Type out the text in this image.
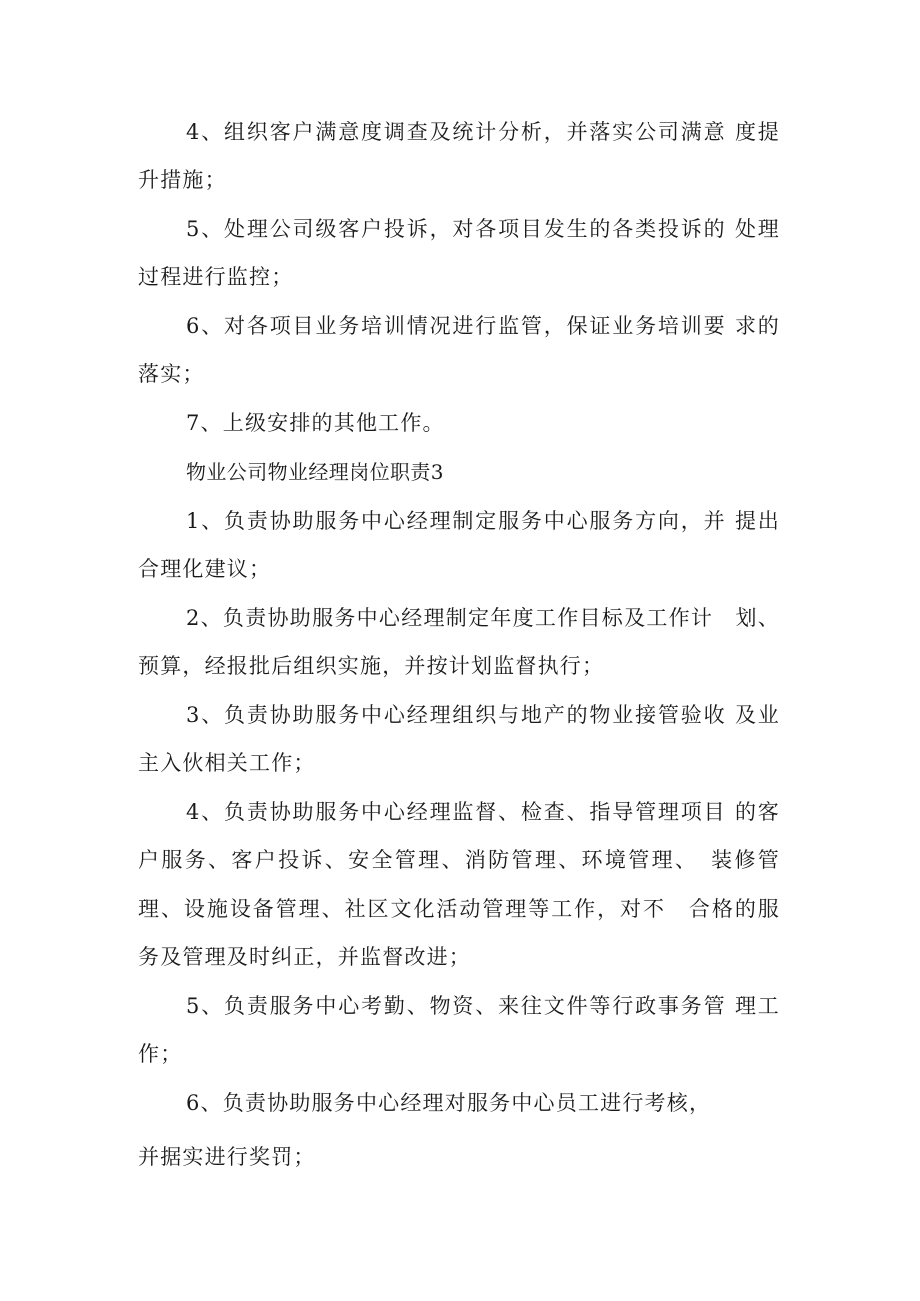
4、组织客户满意度调查及统计分析，并落实公司满意 度提
升措施；
5、处理公司级客户投诉，对各项目发生的各类投诉的 处理
过程进行监控；
6、对各项目业务培训情况进行监管，保证业务培训要 求的
落实；
7、上级安排的其他工作。
物业公司物业经理岗位职责3
1、负责协助服务中心经理制定服务中心服务方向，并 提出
合理化建议；
2、负责协助服务中心经理制定年度工作目标及工作计　划、
预算，经报批后组织实施，并按计划监督执行；
3、负责协助服务中心经理组织与地产的物业接管验收 及业
主入伙相关工作；
4、负责协助服务中心经理监督、检查、指导管理项目 的客
户服务、客户投诉、安全管理、消防管理、环境管理、　装修管
理、设施设备管理、社区文化活动管理等工作，对不　合格的服
务及管理及时纠正，并监督改进；
5、负责服务中心考勤、物资、来往文件等行政事务管 理工
作；
6、负责协助服务中心经理对服务中心员工进行考核，
并据实进行奖罚；
